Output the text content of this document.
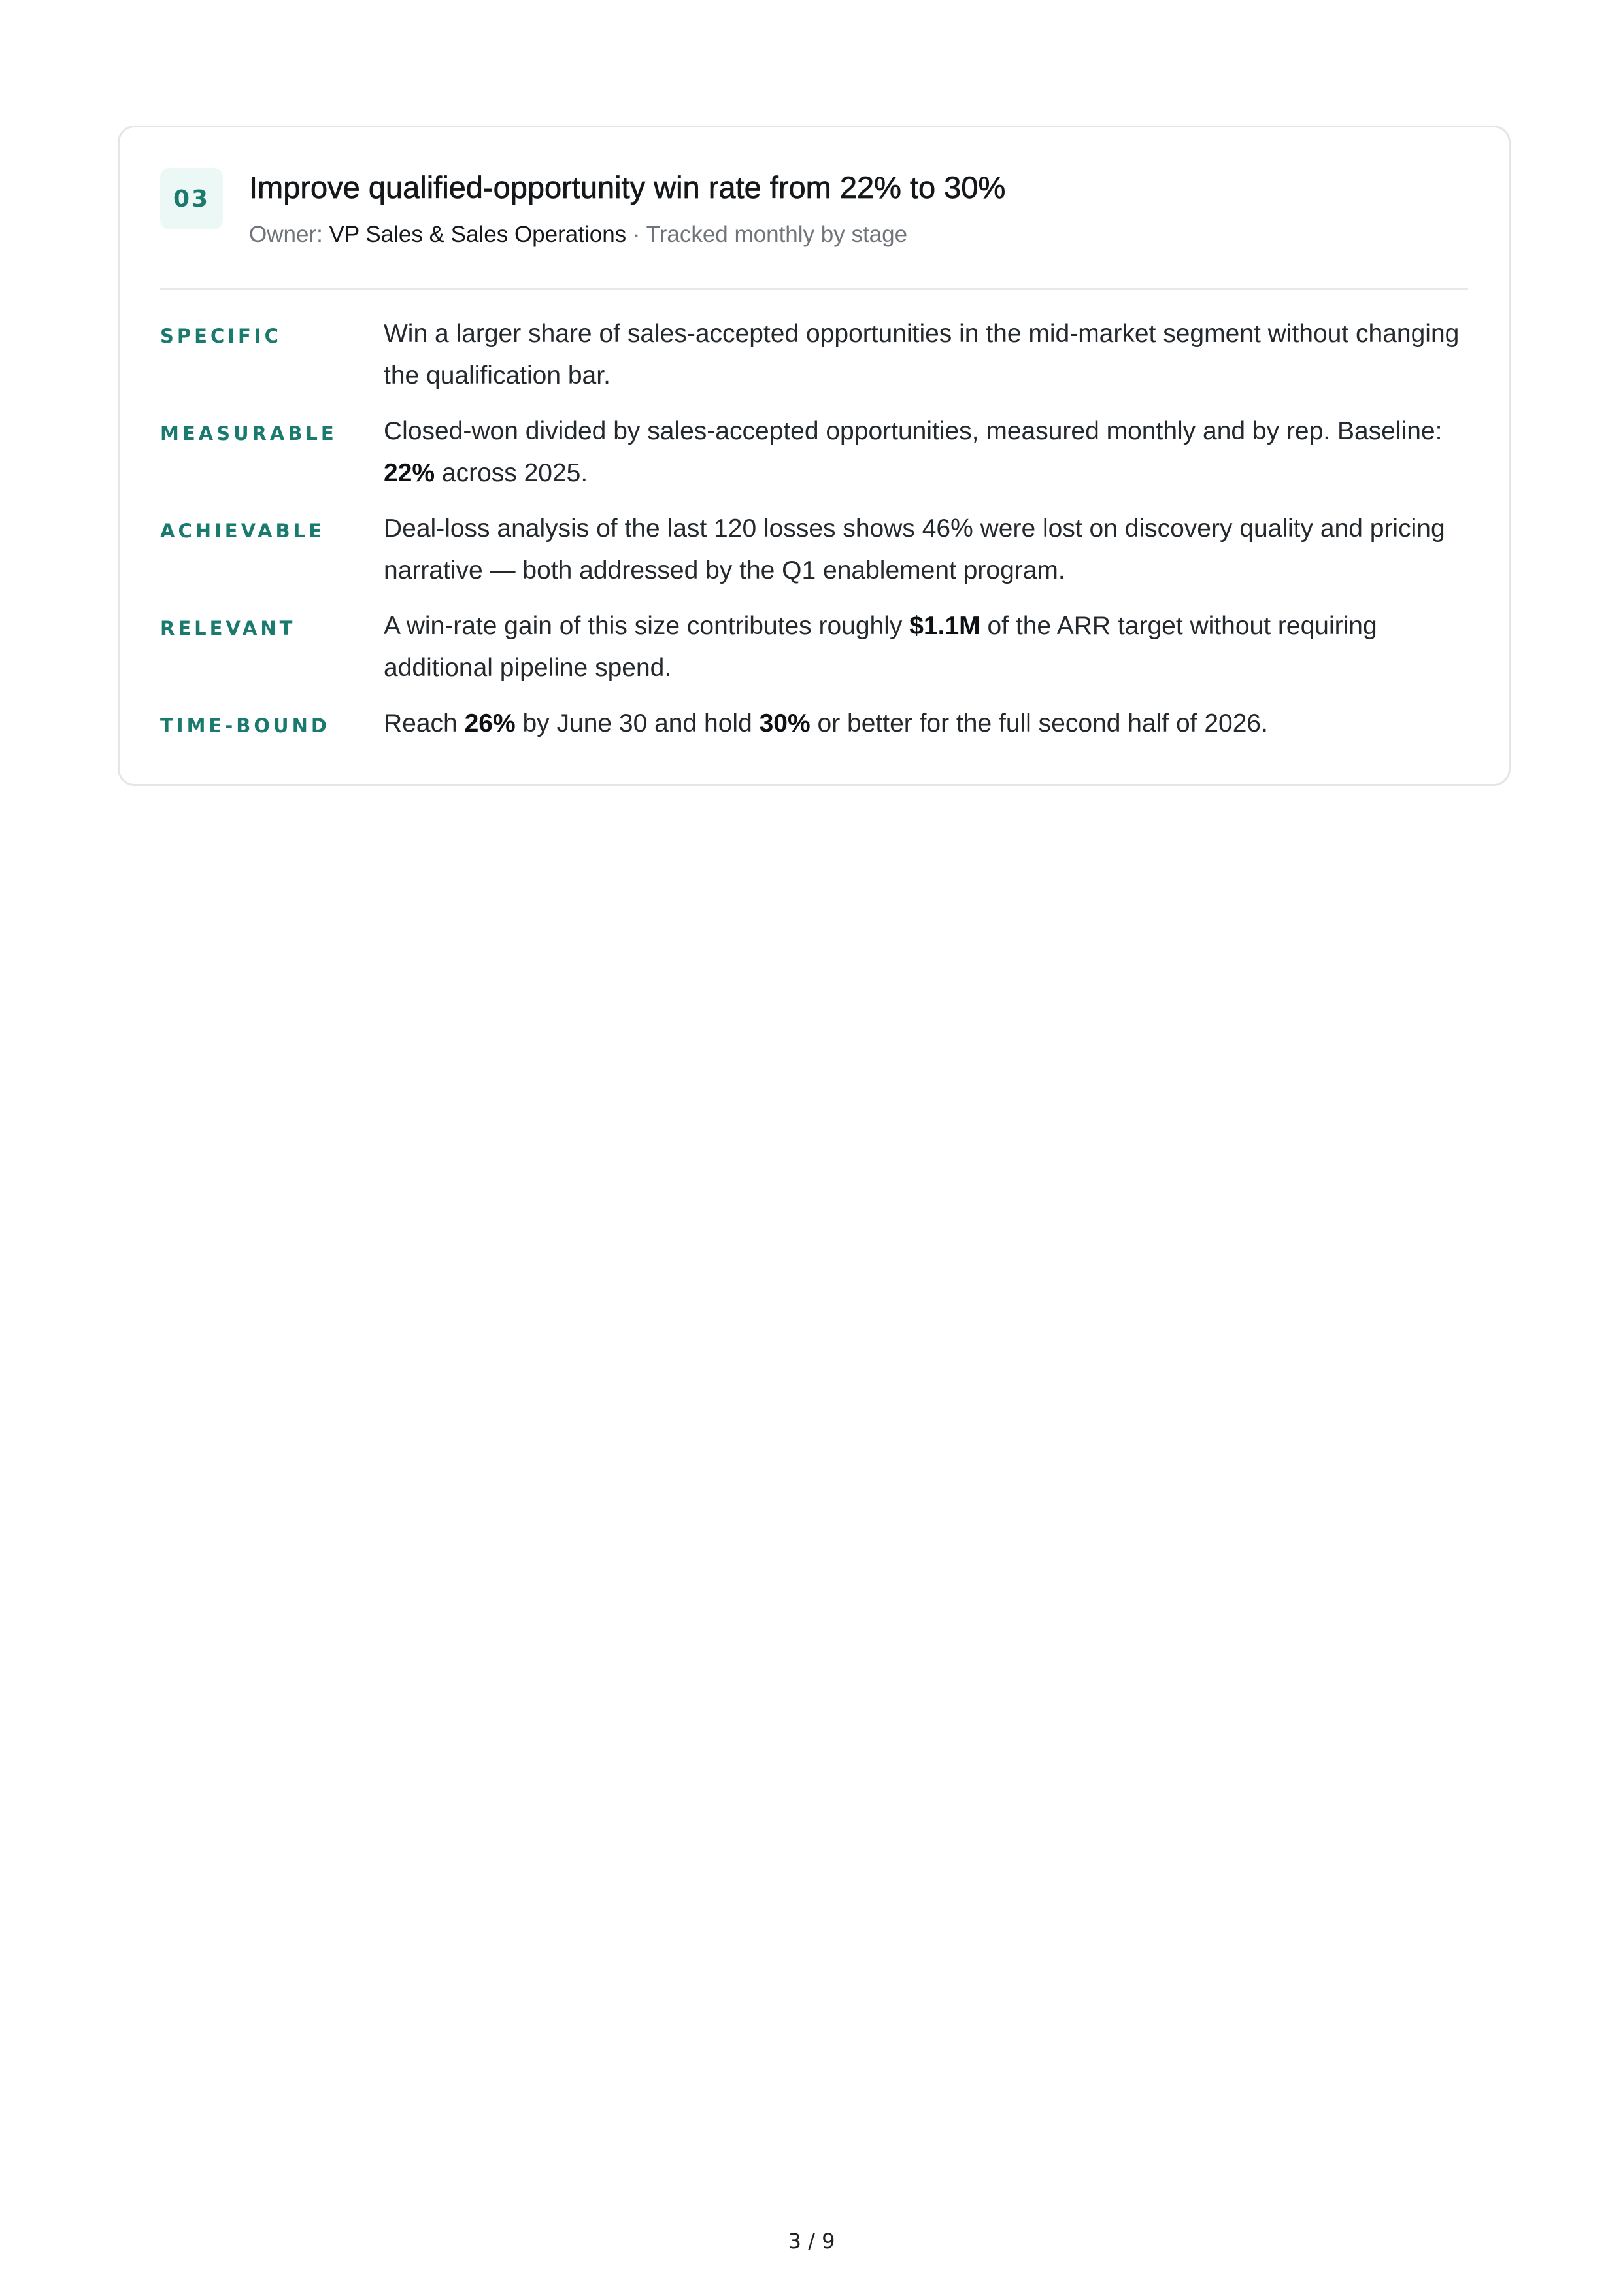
03	Improve qualified-opportunity win rate from 22% to 30%
Owner: VP Sales & Sales Operations · Tracked monthly by stage
SPECIFIC	Win a larger share of sales-accepted opportunities in the mid-market segment without changing the qualification bar.
MEASURABLE	Closed-won divided by sales-accepted opportunities, measured monthly and by rep. Baseline: 22% across 2025.
ACHIEVABLE	Deal-loss analysis of the last 120 losses shows 46% were lost on discovery quality and pricing narrative — both addressed by the Q1 enablement program.
RELEVANT	A win-rate gain of this size contributes roughly $1.1M of the ARR target without requiring additional pipeline spend.
TIME-BOUND	Reach 26% by June 30 and hold 30% or better for the full second half of 2026.
3 / 9
